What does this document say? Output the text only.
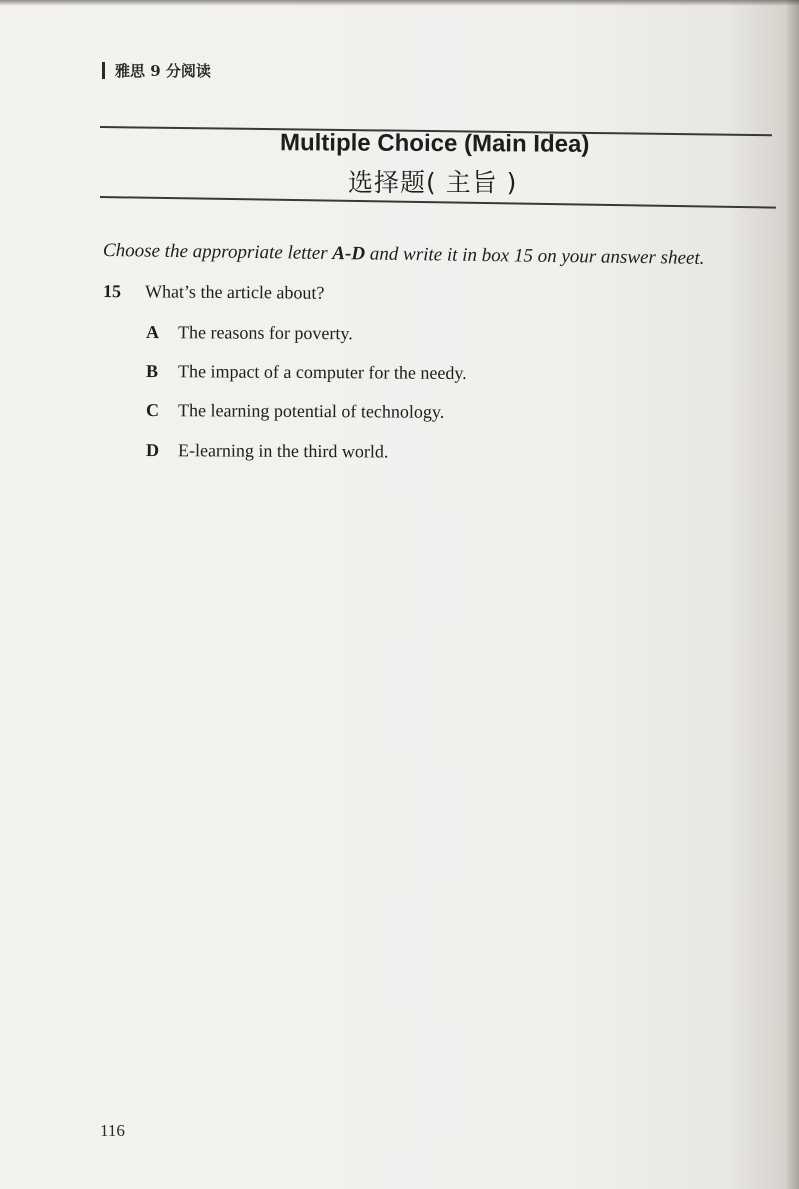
雅思 9 分阅读
Multiple Choice (Main Idea)
选择题( 主旨 )
Choose the appropriate letter A-D and write it in box 15 on your answer sheet.
15 What’s the article about?
A The reasons for poverty.
B The impact of a computer for the needy.
C The learning potential of technology.
D E-learning in the third world.
116
